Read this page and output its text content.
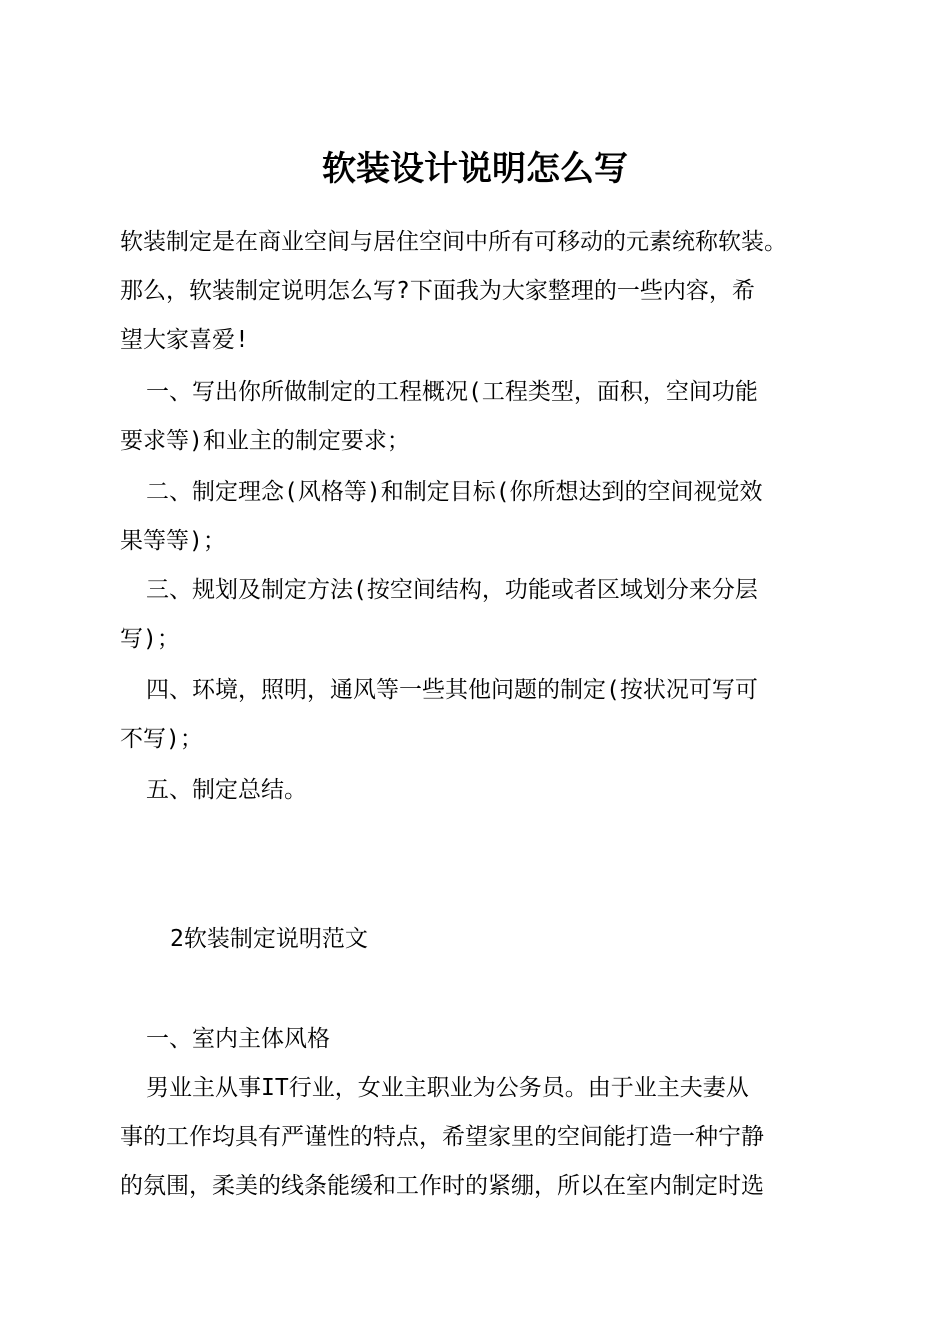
软装设计说明怎么写
软装制定是在商业空间与居住空间中所有可移动的元素统称软装。
那么，软装制定说明怎么写?下面我为大家整理的一些内容，希
望大家喜爱!
一、写出你所做制定的工程概况(工程类型，面积，空间功能
要求等)和业主的制定要求；
二、制定理念(风格等)和制定目标(你所想达到的空间视觉效
果等等)；
三、规划及制定方法(按空间结构，功能或者区域划分来分层
写)；
四、环境，照明，通风等一些其他问题的制定(按状况可写可
不写)；
五、制定总结。
2软装制定说明范文
一、室内主体风格
男业主从事IT行业，女业主职业为公务员。由于业主夫妻从
事的工作均具有严谨性的特点，希望家里的空间能打造一种宁静
的氛围，柔美的线条能缓和工作时的紧绷，所以在室内制定时选
